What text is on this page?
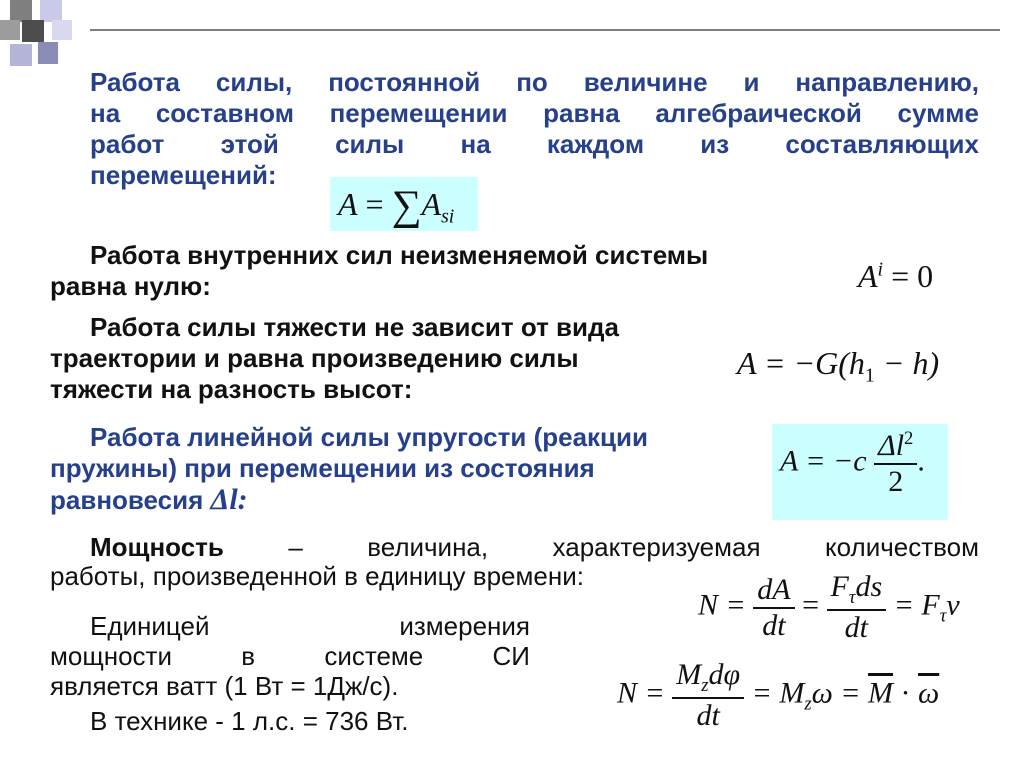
Работа силы, постоянной по величине и направлению,
на составном перемещении равна алгебраической сумме
работ этой силы на каждом из составляющих
перемещений:
$A = \sum A_{si}$
Работа внутренних сил неизменяемой системы
равна нулю:	$A^i = 0$
Работа силы тяжести не зависит от вида
траектории и равна произведению силы
тяжести на разность высот:
$A = -G(h_1 - h)$
Работа линейной силы упругости (реакции
пружины) при перемещении из состояния
равновесия Δl:
$A = -c \frac{\Delta l^2}{2}$ .
Мощность – величина, характеризуемая количеством
работы, произведенной в единицу времени:
$N = \frac{dA}{dt} = \frac{F_\tau ds}{dt} = F_\tau v$
Единицей измерения
мощности в системе СИ
является ватт (1 Вт = 1Дж/с).
В технике - 1 л.с. = 736 Вт.
$N = \frac{M_zd\varphi}{dt} = M_z\omega = \overline{M} \cdot \overline{\omega}$
